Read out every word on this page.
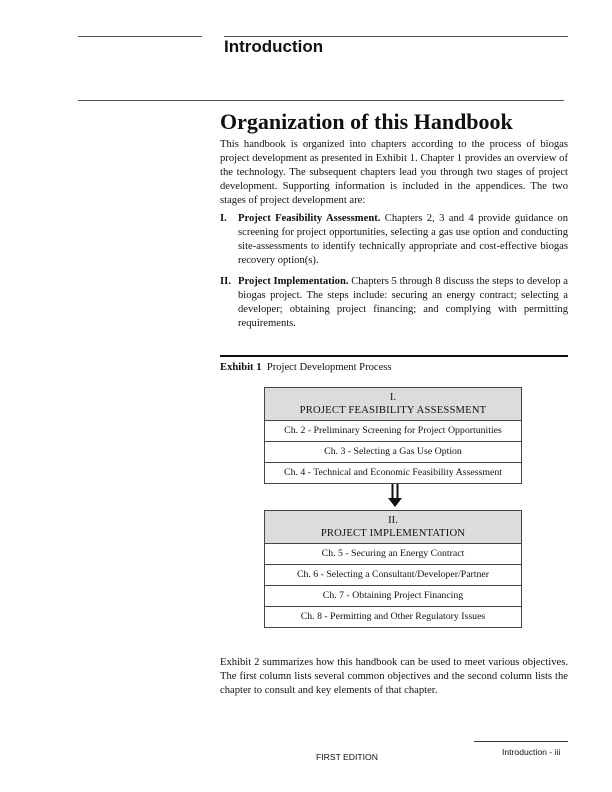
Introduction
Organization of this Handbook

This handbook is organized into chapters according to the process of biogas project development as presented in Exhibit 1. Chapter 1 provides an overview of the technology. The subsequent chapters lead you through two stages of project development. Supporting information is included in the appendices. The two stages of project development are:

I. Project Feasibility Assessment. Chapters 2, 3 and 4 provide guidance on screening for project opportunities, selecting a gas use option and conducting site-assessments to identify technically appropriate and cost-effective biogas recovery option(s).
II. Project Implementation. Chapters 5 through 8 discuss the steps to develop a biogas project. The steps include: securing an energy contract; selecting a developer; obtaining project financing; and complying with permitting requirements.
Exhibit 1 Project Development Process
I.
PROJECT FEASIBILITY ASSESSMENT
Ch. 2 - Preliminary Screening for Project Opportunities
Ch. 3 - Selecting a Gas Use Option
Ch. 4 - Technical and Economic Feasibility Assessment
II.
PROJECT IMPLEMENTATION
Ch. 5 - Securing an Energy Contract
Ch. 6 - Selecting a Consultant/Developer/Partner
Ch. 7 - Obtaining Project Financing
Ch. 8 - Permitting and Other Regulatory Issues

Exhibit 2 summarizes how this handbook can be used to meet various objectives. The first column lists several common objectives and the second column lists the chapter to consult and key elements of that chapter.

FIRST EDITION	Introduction - iii
